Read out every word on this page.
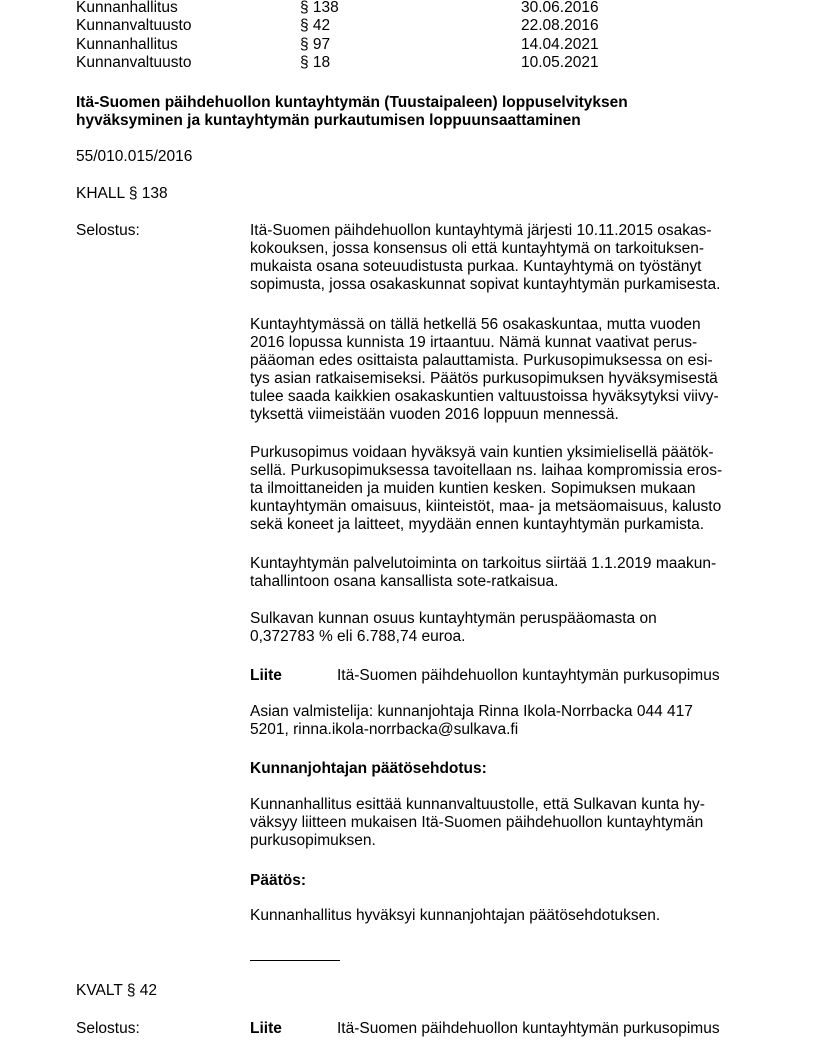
Kunnanhallitus	§ 138	30.06.2016
Kunnanvaltuusto	§ 42	22.08.2016
Kunnanhallitus	§ 97	14.04.2021
Kunnanvaltuusto	§ 18	10.05.2021
Itä-Suomen päihdehuollon kuntayhtymän (Tuustaipaleen) loppuselvityksen
hyväksyminen ja kuntayhtymän purkautumisen loppuunsaattaminen
55/010.015/2016
KHALL § 138
Selostus:	Itä-Suomen päihdehuollon kuntayhtymä järjesti 10.11.2015 osakas-
kokouksen, jossa konsensus oli että kuntayhtymä on tarkoituksen-
mukaista osana soteuudistusta purkaa. Kuntayhtymä on työstänyt
sopimusta, jossa osakaskunnat sopivat kuntayhtymän purkamisesta.
Kuntayhtymässä on tällä hetkellä 56 osakaskuntaa, mutta vuoden
2016 lopussa kunnista 19 irtaantuu. Nämä kunnat vaativat perus-
pääoman edes osittaista palauttamista. Purkusopimuksessa on esi-
tys asian ratkaisemiseksi. Päätös purkusopimuksen hyväksymisestä
tulee saada kaikkien osakaskuntien valtuustoissa hyväksytyksi viivy-
tyksettä viimeistään vuoden 2016 loppuun mennessä.
Purkusopimus voidaan hyväksyä vain kuntien yksimielisellä päätök-
sellä. Purkusopimuksessa tavoitellaan ns. laihaa kompromissia eros-
ta ilmoittaneiden ja muiden kuntien kesken. Sopimuksen mukaan
kuntayhtymän omaisuus, kiinteistöt, maa- ja metsäomaisuus, kalusto
sekä koneet ja laitteet, myydään ennen kuntayhtymän purkamista.
Kuntayhtymän palvelutoiminta on tarkoitus siirtää 1.1.2019 maakun-
tahallintoon osana kansallista sote-ratkaisua.
Sulkavan kunnan osuus kuntayhtymän peruspääomasta on
0,372783 % eli 6.788,74 euroa.
Liite	Itä-Suomen päihdehuollon kuntayhtymän purkusopimus
Asian valmistelija: kunnanjohtaja Rinna Ikola-Norrbacka 044 417
5201, rinna.ikola-norrbacka@sulkava.fi
Kunnanjohtajan päätösehdotus:
Kunnanhallitus esittää kunnanvaltuustolle, että Sulkavan kunta hy-
väksyy liitteen mukaisen Itä-Suomen päihdehuollon kuntayhtymän
purkusopimuksen.
Päätös:
Kunnanhallitus hyväksyi kunnanjohtajan päätösehdotuksen.
KVALT § 42
Selostus:	Liite	Itä-Suomen päihdehuollon kuntayhtymän purkusopimus
